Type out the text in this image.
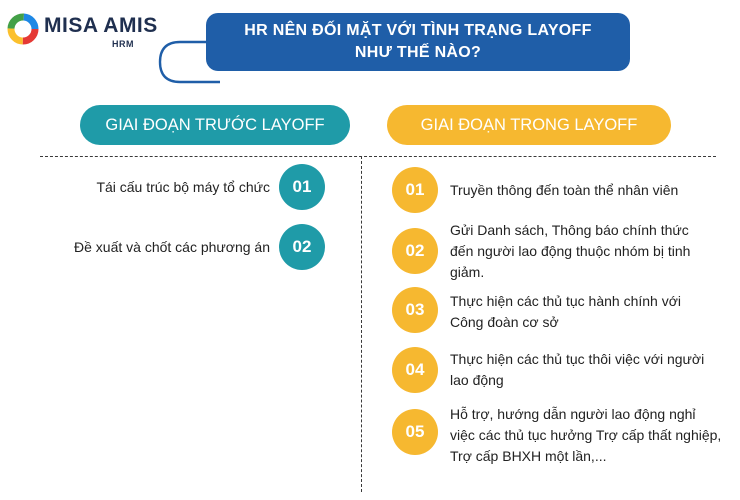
MISA AMIS
HRM
HR NÊN ĐỐI MẶT VỚI TÌNH TRẠNG LAYOFF
NHƯ THẾ NÀO?
GIAI ĐOẠN TRƯỚC LAYOFF	GIAI ĐOẠN TRONG LAYOFF
Tái cấu trúc bộ máy tổ chức	01
Đề xuất và chốt các phương án	02
01	Truyền thông đến toàn thể nhân viên
02
Gửi Danh sách, Thông báo chính thức đến người lao động thuộc nhóm bị tinh giảm.
03	Thực hiện các thủ tục hành chính với Công đoàn cơ sở
04
Thực hiện các thủ tục thôi việc với người lao động
05
Hỗ trợ, hướng dẫn người lao động nghỉ việc các thủ tục hưởng Trợ cấp thất nghiệp, Trợ cấp BHXH một lần,...
